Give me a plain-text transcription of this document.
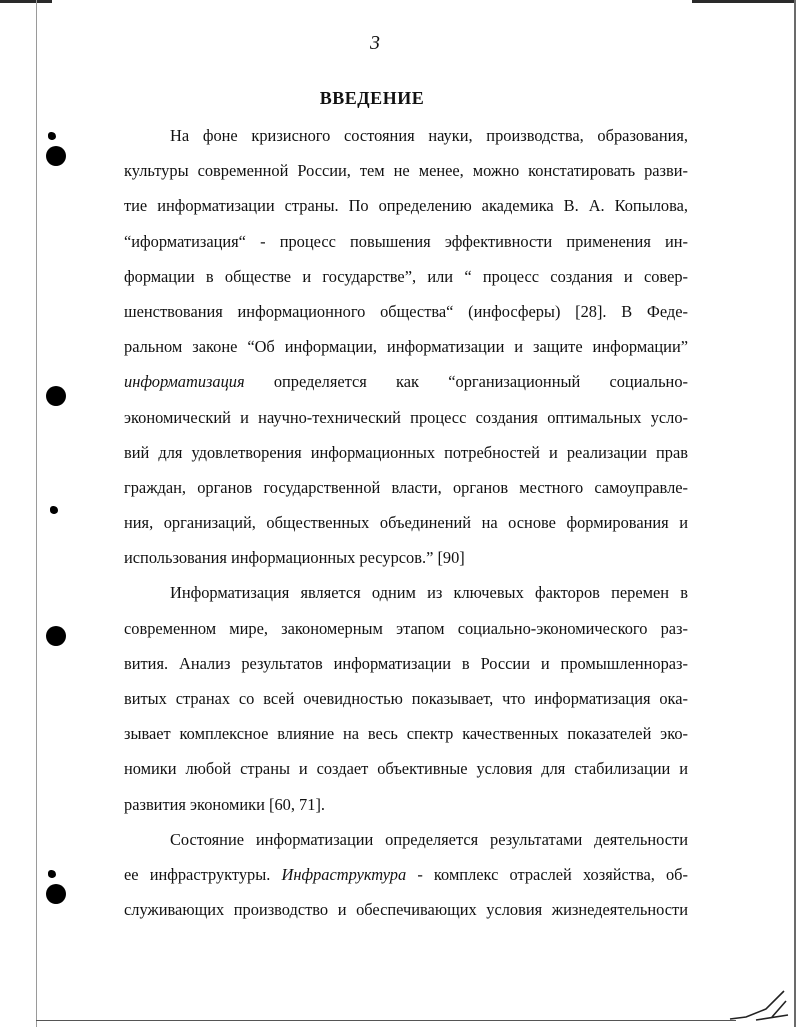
3
ВВЕДЕНИЕ
На фоне кризисного состояния науки, производства, образования,
культуры современной России, тем не менее, можно констатировать разви-
тие информатизации страны. По определению академика В. А. Копылова,
“иформатизация“ - процесс повышения эффективности применения ин-
формации в обществе и государстве”, или “ процесс создания и совер-
шенствования информационного общества“ (инфосферы) [28]. В Феде-
ральном законе “Об информации, информатизации и защите информации”
информатизация определяется как “организационный социально-
экономический и научно-технический процесс создания оптимальных усло-
вий для удовлетворения информационных потребностей и реализации прав
граждан, органов государственной власти, органов местного самоуправле-
ния, организаций, общественных объединений на основе формирования и
использования информационных ресурсов.” [90]
Информатизация является одним из ключевых факторов перемен в
современном мире, закономерным этапом социально-экономического раз-
вития. Анализ результатов информатизации в России и промышленнораз-
витых странах со всей очевидностью показывает, что информатизация ока-
зывает комплексное влияние на весь спектр качественных показателей эко-
номики любой страны и создает объективные условия для стабилизации и
развития экономики [60, 71].
Состояние информатизации определяется результатами деятельности
ее инфраструктуры. Инфраструктура - комплекс отраслей хозяйства, об-
служивающих производство и обеспечивающих условия жизнедеятельности
